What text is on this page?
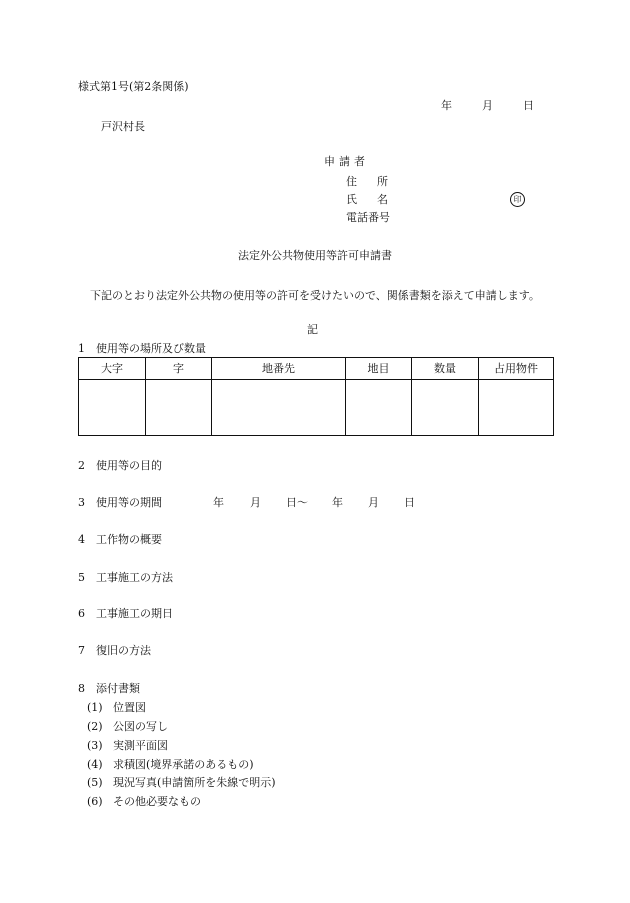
様式第1号(第2条関係)
年	月	日
戸沢村長
申請者
住所
氏名	印
電話番号
法定外公共物使用等許可申請書
下記のとおり法定外公共物の使用等の許可を受けたいので、関係書類を添えて申請します。
記
1 使用等の場所及び数量
大字	字	地番先	地目	数量	占用物件

2 使用等の目的
3 使用等の期間	年 月 日〜 年 月 日
4 工作物の概要
5 工事施工の方法
6 工事施工の期日
7 復旧の方法
8 添付書類
(1) 位置図
(2) 公図の写し
(3) 実測平面図
(4) 求積図(境界承諾のあるもの)
(5) 現況写真(申請箇所を朱線で明示)
(6) その他必要なもの
